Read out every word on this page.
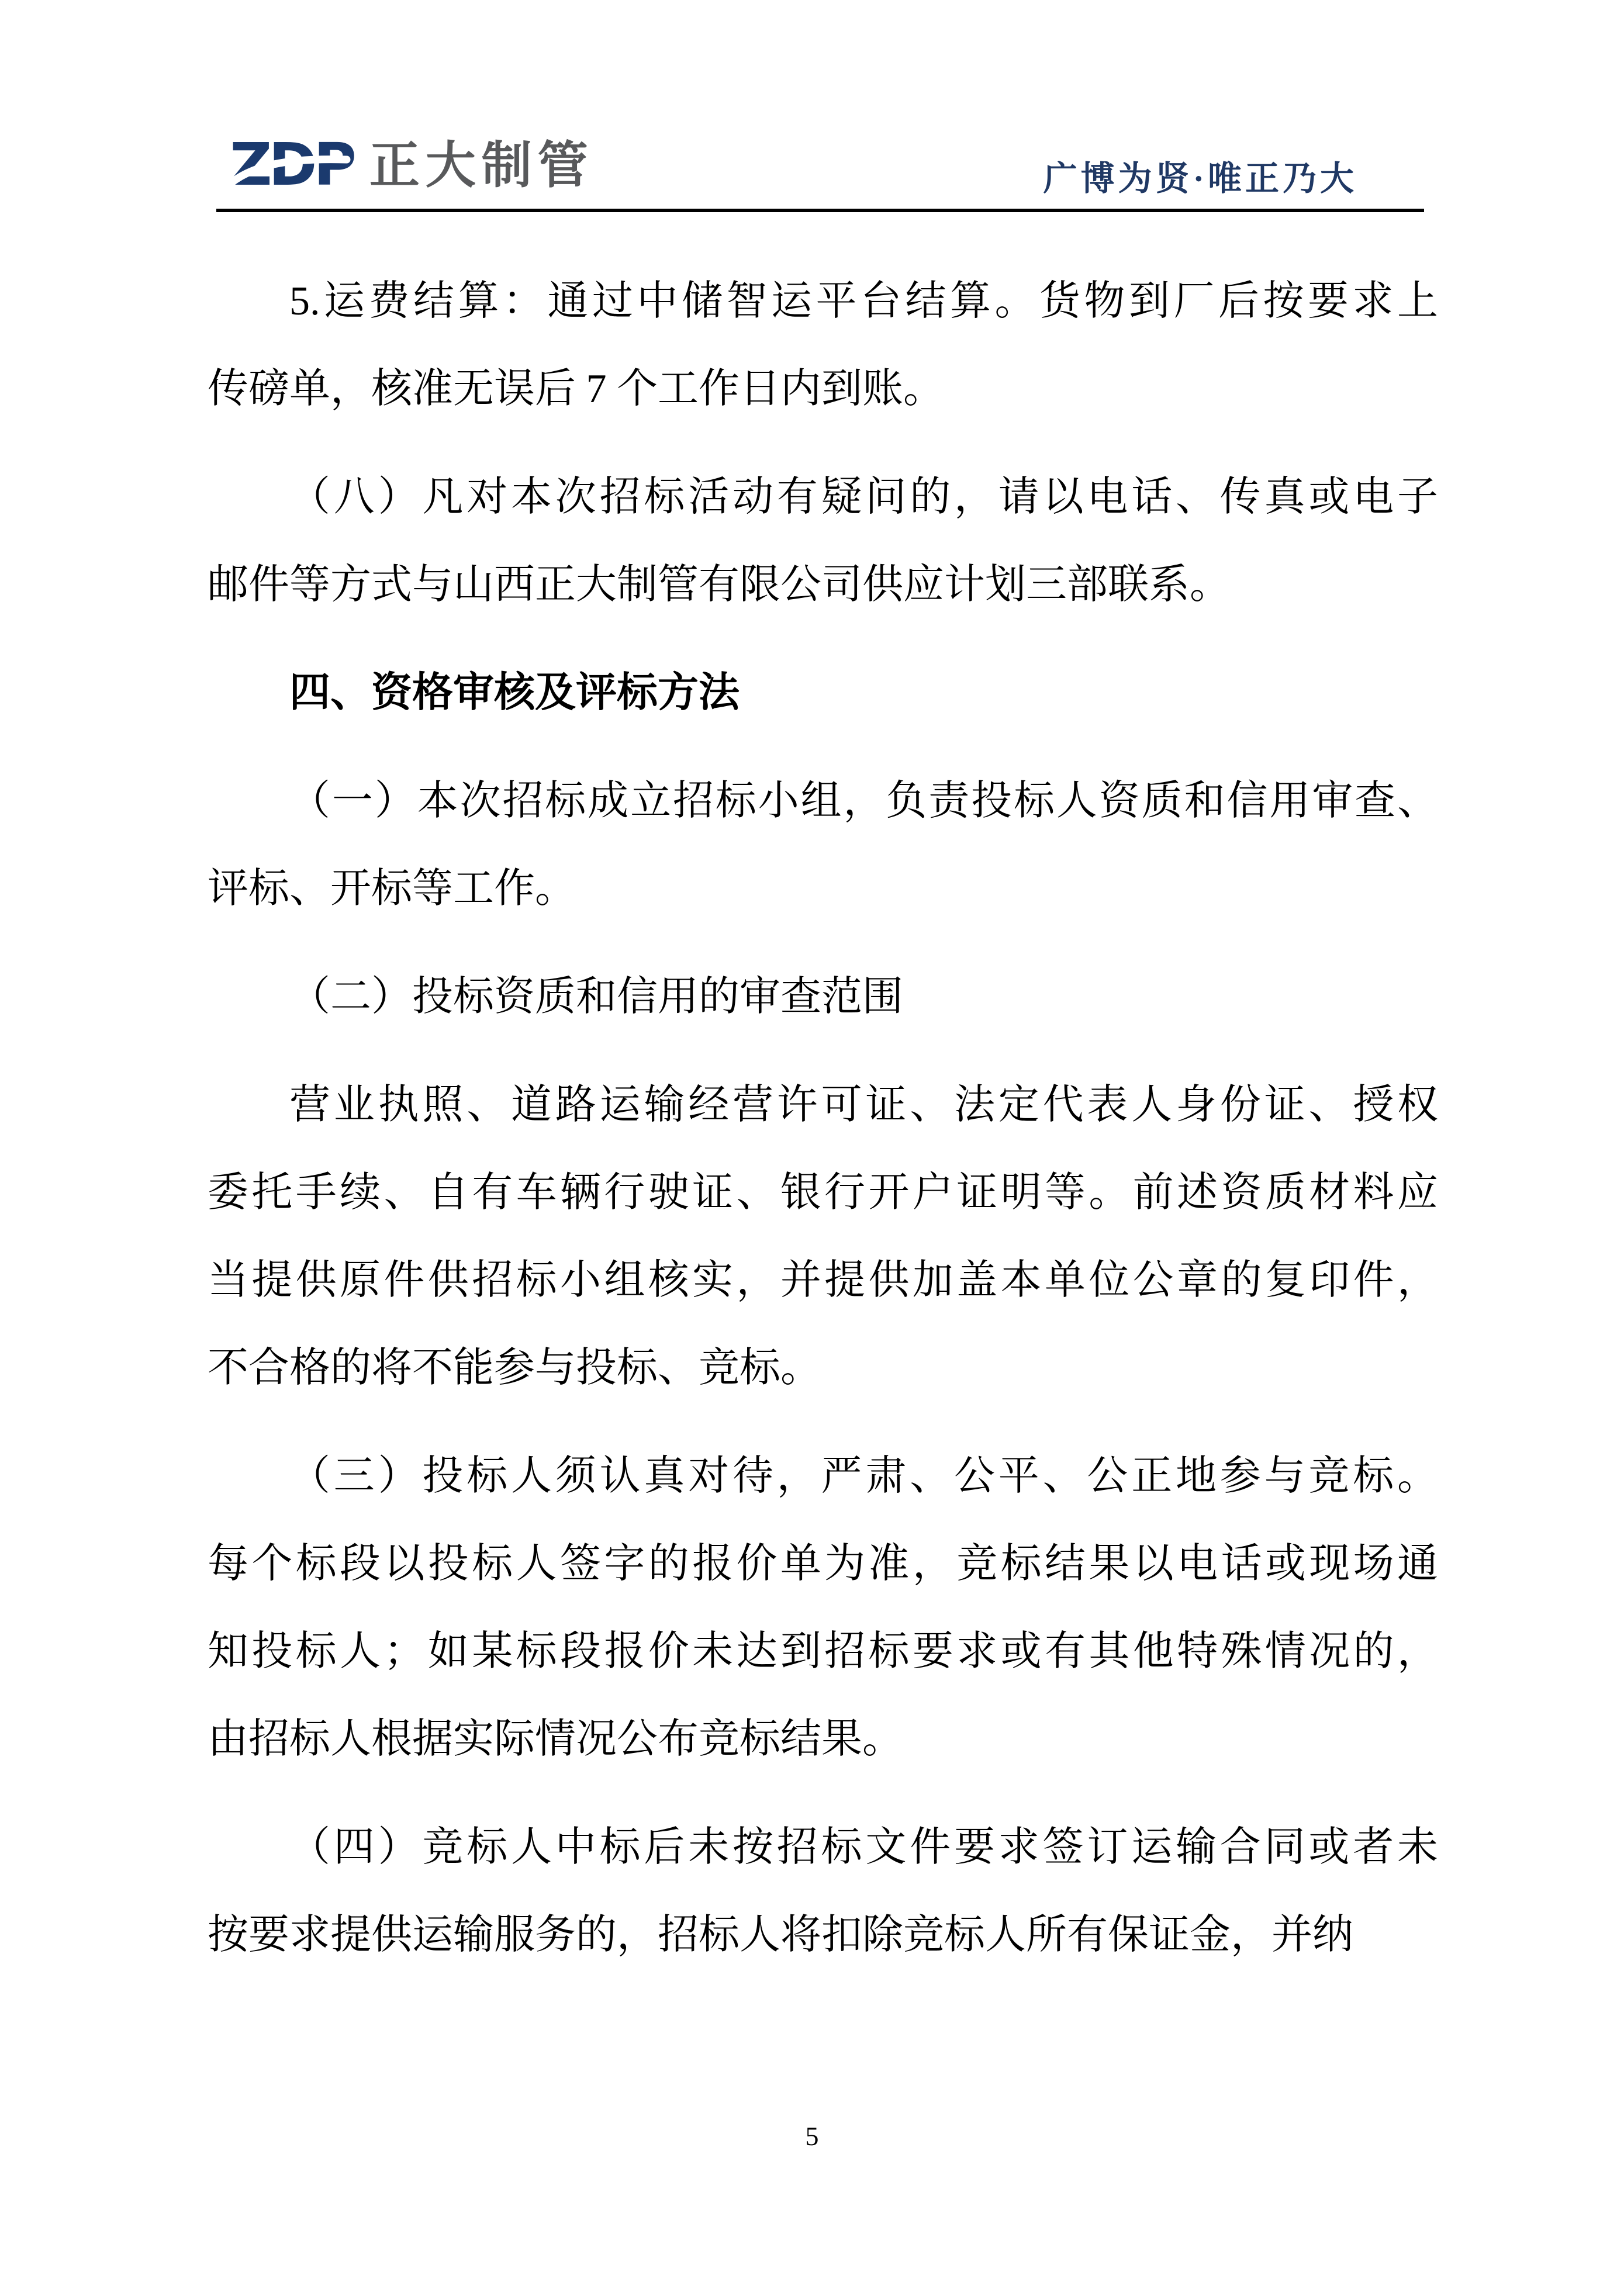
ZDP 正大制管	广博为贤·唯正乃大

5.运费结算：通过中储智运平台结算。货物到厂后按要求上
传磅单，核准无误后 7 个工作日内到账。

（八）凡对本次招标活动有疑问的，请以电话、传真或电子
邮件等方式与山西正大制管有限公司供应计划三部联系。

四、资格审核及评标方法

（一）本次招标成立招标小组，负责投标人资质和信用审查、
评标、开标等工作。

（二）投标资质和信用的审查范围

营业执照、道路运输经营许可证、法定代表人身份证、授权
委托手续、自有车辆行驶证、银行开户证明等。前述资质材料应
当提供原件供招标小组核实，并提供加盖本单位公章的复印件，
不合格的将不能参与投标、竞标。

（三）投标人须认真对待，严肃、公平、公正地参与竞标。
每个标段以投标人签字的报价单为准，竞标结果以电话或现场通
知投标人；如某标段报价未达到招标要求或有其他特殊情况的，
由招标人根据实际情况公布竞标结果。

（四）竞标人中标后未按招标文件要求签订运输合同或者未
按要求提供运输服务的，招标人将扣除竞标人所有保证金，并纳

5
